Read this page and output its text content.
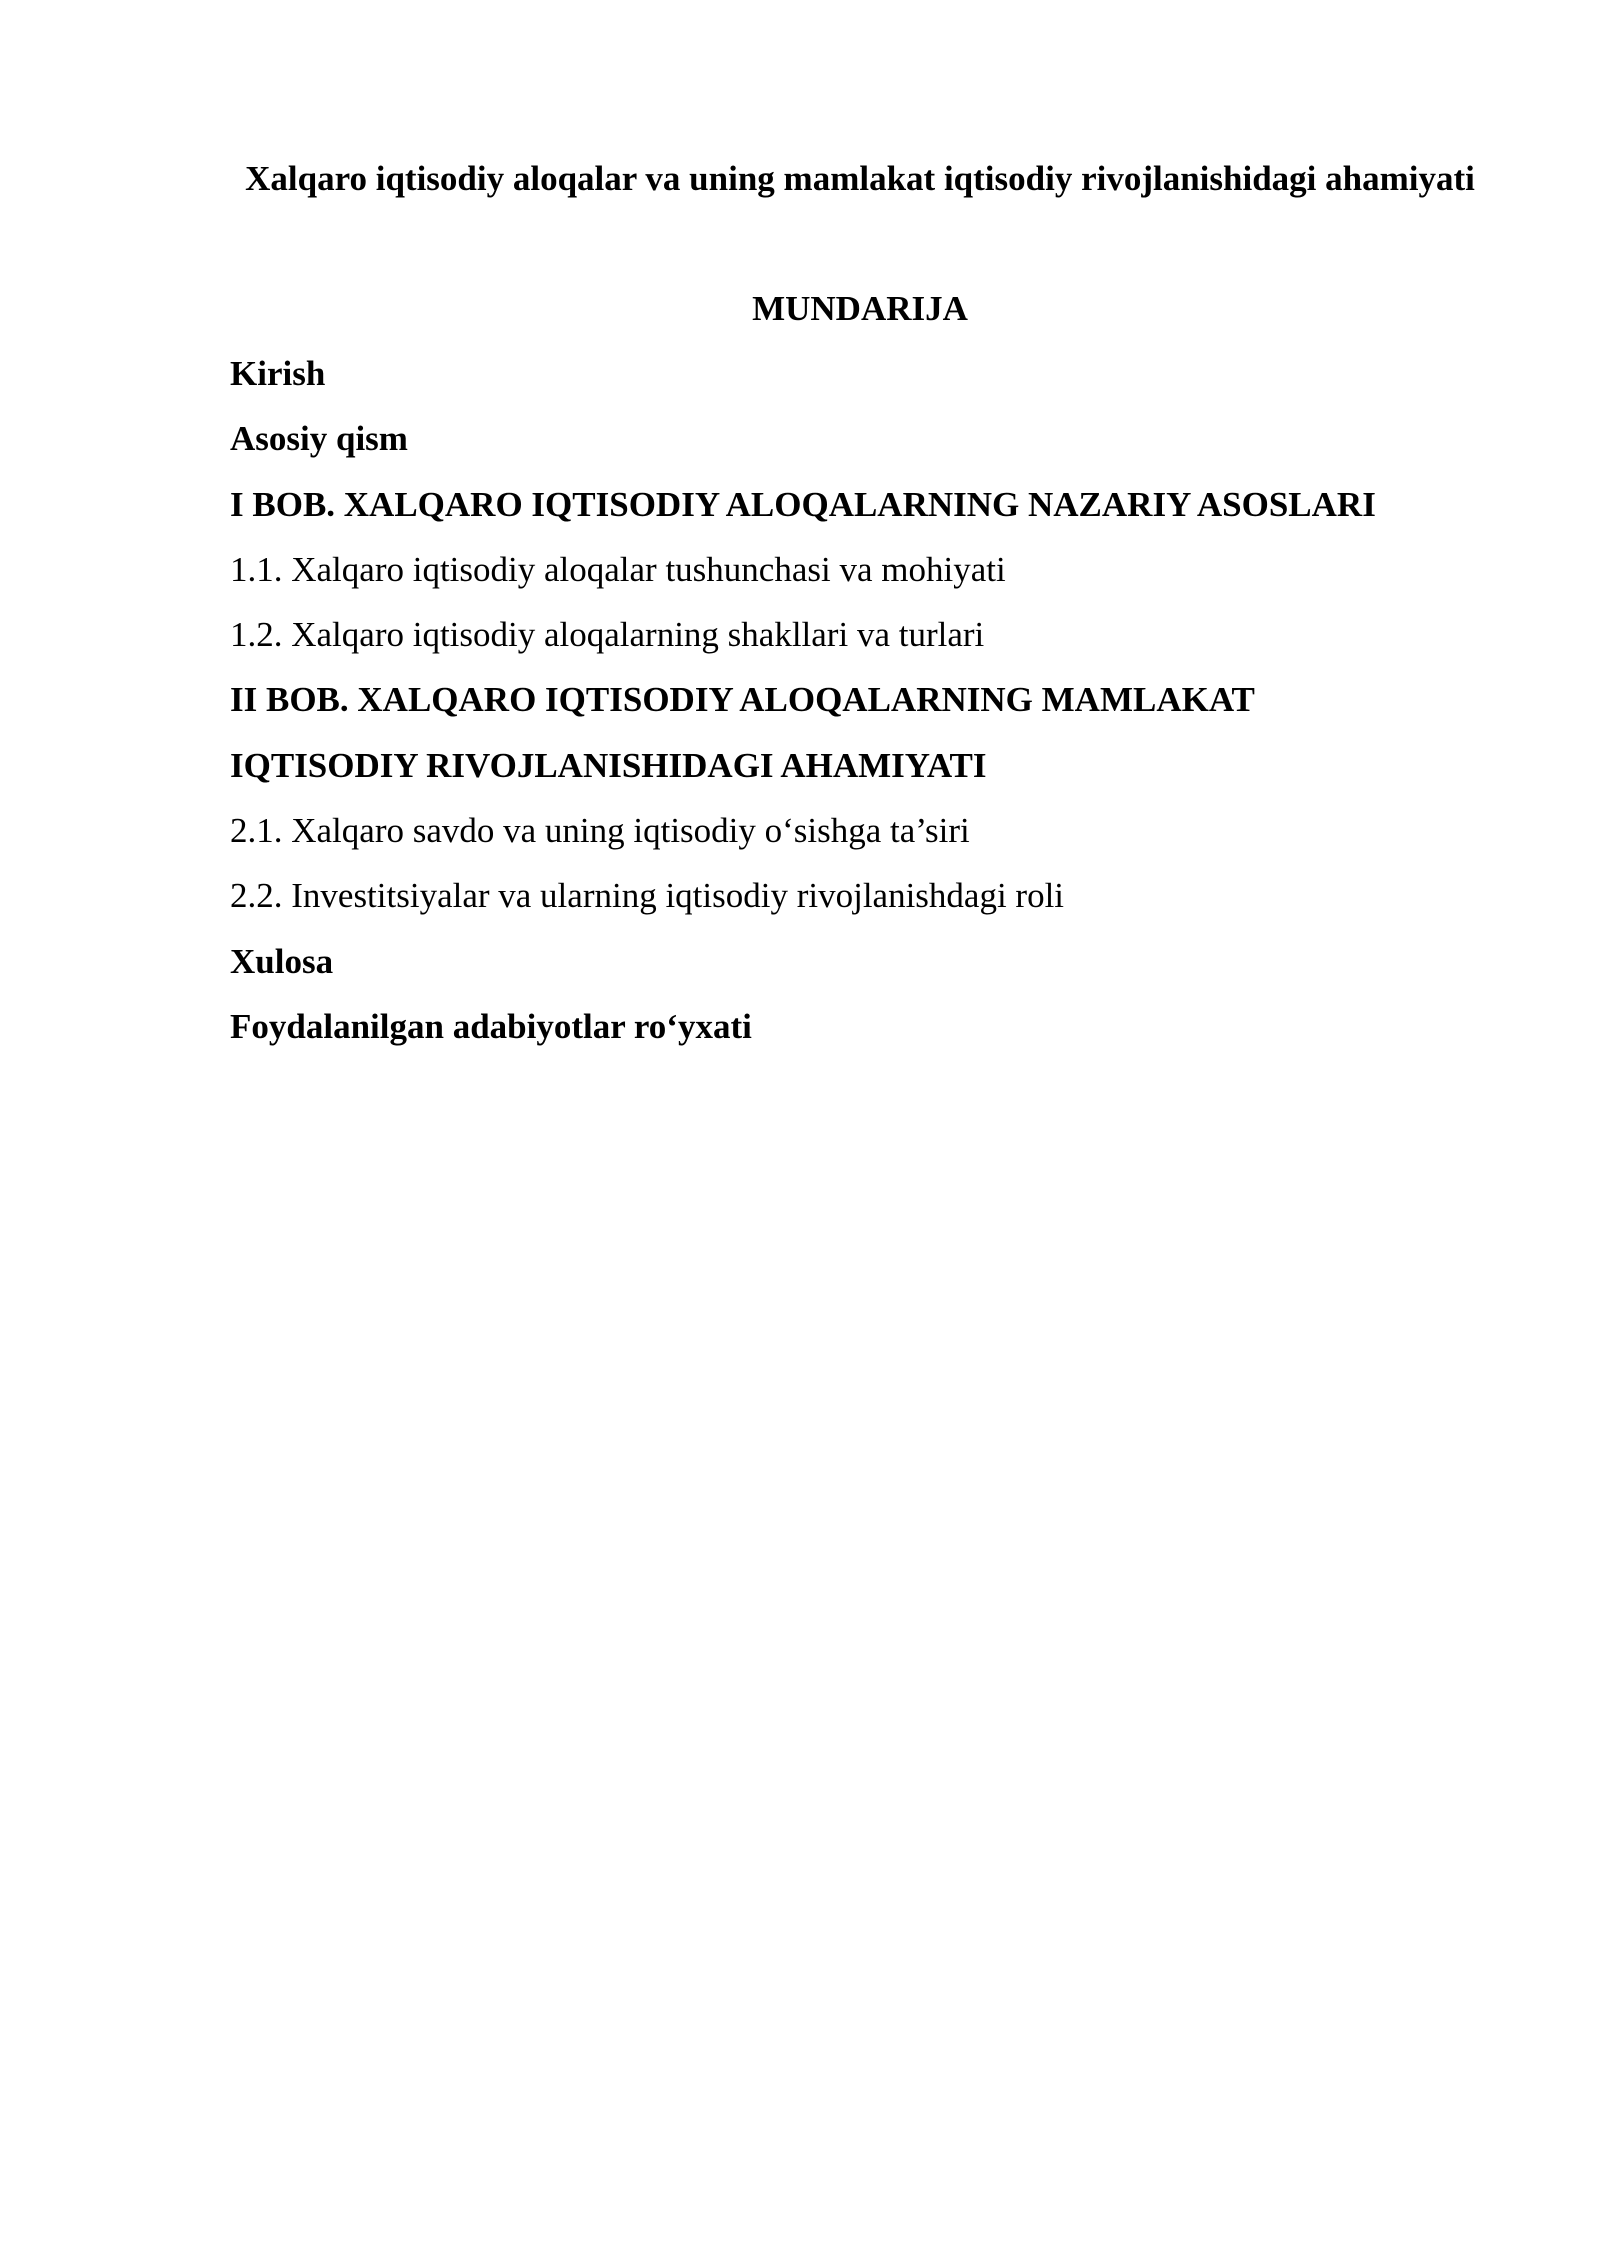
Xalqaro iqtisodiy aloqalar va uning mamlakat iqtisodiy rivojlanishidagi ahamiyati
MUNDARIJA
Kirish
Asosiy qism
I BOB. XALQARO IQTISODIY ALOQALARNING NAZARIY ASOSLARI
1.1. Xalqaro iqtisodiy aloqalar tushunchasi va mohiyati
1.2. Xalqaro iqtisodiy aloqalarning shakllari va turlari
II BOB. XALQARO IQTISODIY ALOQALARNING MAMLAKAT
IQTISODIY RIVOJLANISHIDAGI AHAMIYATI
2.1. Xalqaro savdo va uning iqtisodiy o‘sishga ta’siri
2.2. Investitsiyalar va ularning iqtisodiy rivojlanishdagi roli
Xulosa
Foydalanilgan adabiyotlar ro‘yxati
